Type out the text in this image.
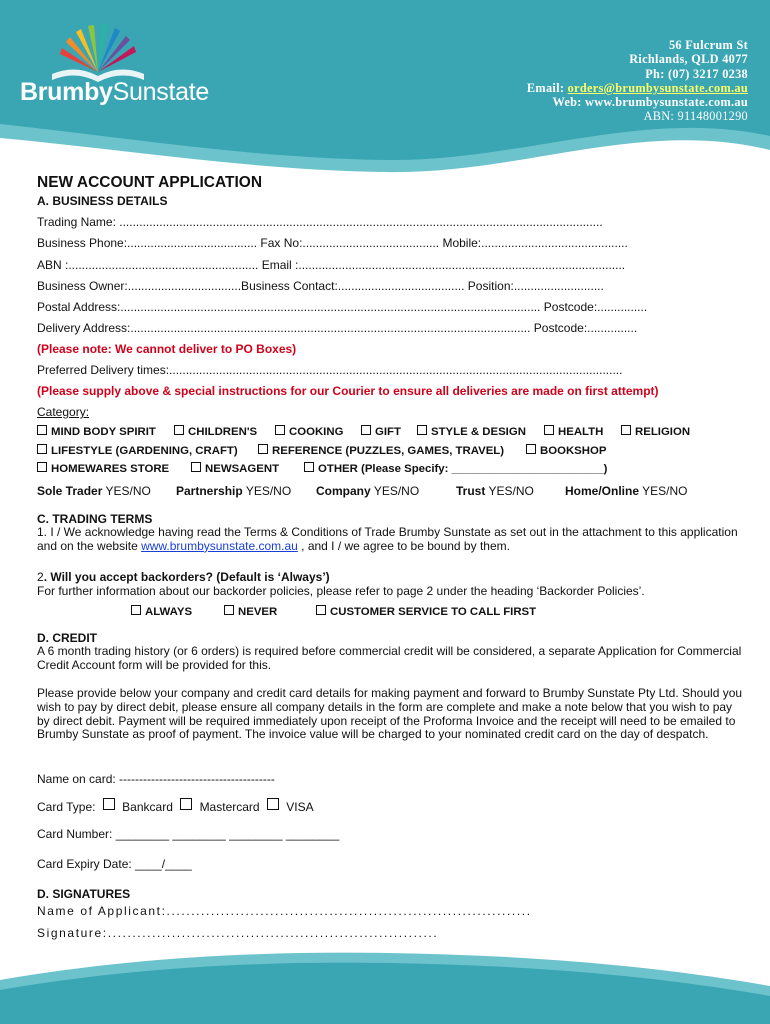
BrumbySunstate
56 Fulcrum St
Richlands, QLD 4077
Ph: (07) 3217 0238
Email: orders@brumbysunstate.com.au
Web: www.brumbysunstate.com.au
ABN: 91148001290
NEW ACCOUNT APPLICATION
A. BUSINESS DETAILS
Trading Name: .................................................................................................................................................
Business Phone:....................................... Fax No:......................................... Mobile:............................................
ABN :......................................................... Email :..................................................................................................
Business Owner:..................................Business Contact:...................................... Position:...........................
Postal Address:.............................................................................................................................. Postcode:...............
Delivery Address:........................................................................................................................ Postcode:...............
(Please note: We cannot deliver to PO Boxes)
Preferred Delivery times:........................................................................................................................................
(Please supply above & special instructions for our Courier to ensure all deliveries are made on first attempt)
Category:
MIND BODY SPIRIT	CHILDREN'S	COOKING	GIFT	STYLE & DESIGN	HEALTH	RELIGION
LIFESTYLE (GARDENING, CRAFT)	REFERENCE (PUZZLES, GAMES, TRAVEL)	BOOKSHOP
HOMEWARES STORE	NEWSAGENT	OTHER (Please Specify: ________________________)
Sole Trader YES/NO Partnership YES/NO Company YES/NO	Trust YES/NO	Home/Online YES/NO
C. TRADING TERMS
1. I / We acknowledge having read the Terms & Conditions of Trade Brumby Sunstate as set out in the attachment to this application and on the website www.brumbysunstate.com.au , and I / we agree to be bound by them.
2. Will you accept backorders? (Default is ‘Always’)
For further information about our backorder policies, please refer to page 2 under the heading ‘Backorder Policies’.
ALWAYS	NEVER	CUSTOMER SERVICE TO CALL FIRST
D. CREDIT
A 6 month trading history (or 6 orders) is required before commercial credit will be considered, a separate Application for Commercial Credit Account form will be provided for this.
Please provide below your company and credit card details for making payment and forward to Brumby Sunstate Pty Ltd. Should you wish to pay by direct debit, please ensure all company details in the form are complete and make a note below that you wish to pay by direct debit. Payment will be required immediately upon receipt of the Proforma Invoice and the receipt will need to be emailed to Brumby Sunstate as proof of payment. The invoice value will be charged to your nominated credit card on the day of despatch.
Name on card: ---------------------------------------
Card Type: Bankcard Mastercard VISA
Card Number: ________ ________ ________ ________
Card Expiry Date: ____/____
D. SIGNATURES
Name of Applicant:..........................................................................
Signature:...................................................................
